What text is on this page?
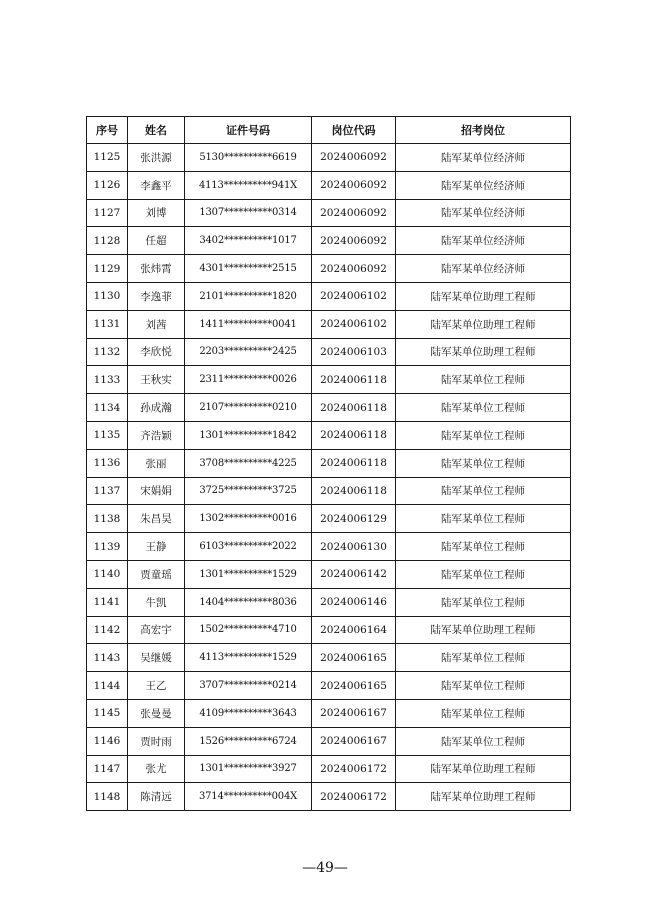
序号	姓名	证件号码	岗位代码	招考岗位
1125	张洪源	5130**********6619	2024006092	陆军某单位经济师
1126	李鑫平	4113**********941X	2024006092	陆军某单位经济师
1127	刘博	1307**********0314	2024006092	陆军某单位经济师
1128	任超	3402**********1017	2024006092	陆军某单位经济师
1129	张炜霄	4301**********2515	2024006092	陆军某单位经济师
1130	李逸菲	2101**********1820	2024006102	陆军某单位助理工程师
1131	刘茜	1411**********0041	2024006102	陆军某单位助理工程师
1132	李欣悦	2203**********2425	2024006103	陆军某单位助理工程师
1133	王秋实	2311**********0026	2024006118	陆军某单位工程师
1134	孙成瀚	2107**********0210	2024006118	陆军某单位工程师
1135	齐浩颖	1301**********1842	2024006118	陆军某单位工程师
1136	张丽	3708**********4225	2024006118	陆军某单位工程师
1137	宋娟娟	3725**********3725	2024006118	陆军某单位工程师
1138	朱昌昊	1302**********0016	2024006129	陆军某单位工程师
1139	王静	6103**********2022	2024006130	陆军某单位工程师
1140	贾童瑶	1301**********1529	2024006142	陆军某单位工程师
1141	牛凯	1404**********8036	2024006146	陆军某单位工程师
1142	高宏宇	1502**********4710	2024006164	陆军某单位助理工程师
1143	吴继媛	4113**********1529	2024006165	陆军某单位工程师
1144	王乙	3707**********0214	2024006165	陆军某单位工程师
1145	张曼曼	4109**********3643	2024006167	陆军某单位工程师
1146	贾时雨	1526**********6724	2024006167	陆军某单位工程师
1147	张尤	1301**********3927	2024006172	陆军某单位助理工程师
1148	陈清远	3714**********004X	2024006172	陆军某单位助理工程师
—49—
